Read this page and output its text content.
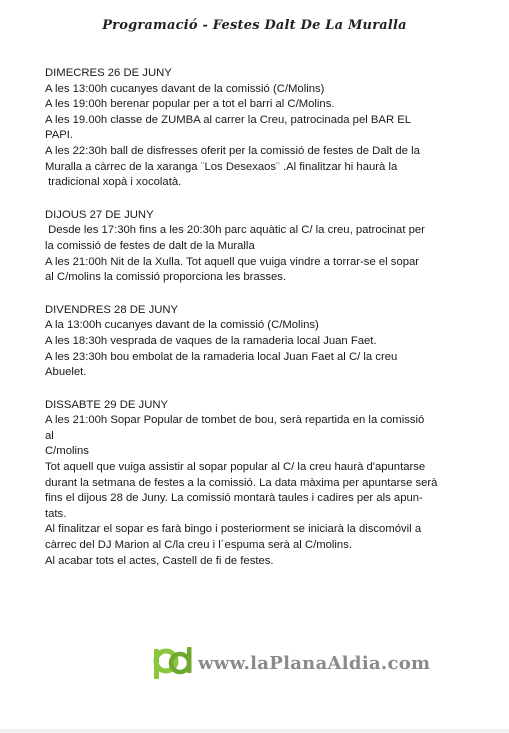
Programació - Festes Dalt De La Muralla

DIMECRES 26 DE JUNY

A les 13:00h cucanyes davant de la comissió (C/Molins)

A les 19:00h berenar popular per a tot el barri al C/Molins.

A les 19.00h classe de ZUMBA al carrer la Creu, patrocinada pel BAR EL

PAPI.

A les 22:30h ball de disfresses oferit per la comissió de festes de Dalt de la

Muralla a càrrec de la xaranga ¨Los Desexaos¨ .Al finalitzar hi haurà la

tradicional xopà i xocolatà.

DIJOUS 27 DE JUNY

Desde les 17:30h fins a les 20:30h parc aquàtic al C/ la creu, patrocinat per

la comissió de festes de dalt de la Muralla

A les 21:00h Nit de la Xulla. Tot aquell que vuiga vindre a torrar-se el sopar

al C/molins la comissió proporciona les brasses.

DIVENDRES 28 DE JUNY

A la 13:00h cucanyes davant de la comissió (C/Molins)

A les 18:30h vesprada de vaques de la ramaderia local Juan Faet.

A les 23:30h bou embolat de la ramaderia local Juan Faet al C/ la creu

Abuelet.

DISSABTE 29 DE JUNY

A les 21:00h Sopar Popular de tombet de bou, serà repartida en la comissió

al

C/molins

Tot aquell que vuiga assistir al sopar popular al C/ la creu haurà d'apuntarse

durant la setmana de festes a la comissió. La data màxima per apuntarse serà

fins el dijous 28 de Juny. La comissió montarà taules i cadires per als apun-

tats.

Al finalitzar el sopar es farà bingo i posteriorment se iniciarà la discomóvil a

càrrec del DJ Marion al C/la creu i l´espuma serà al C/molins.

Al acabar tots el actes, Castell de fi de festes.

www.laPlanaAldia.com
